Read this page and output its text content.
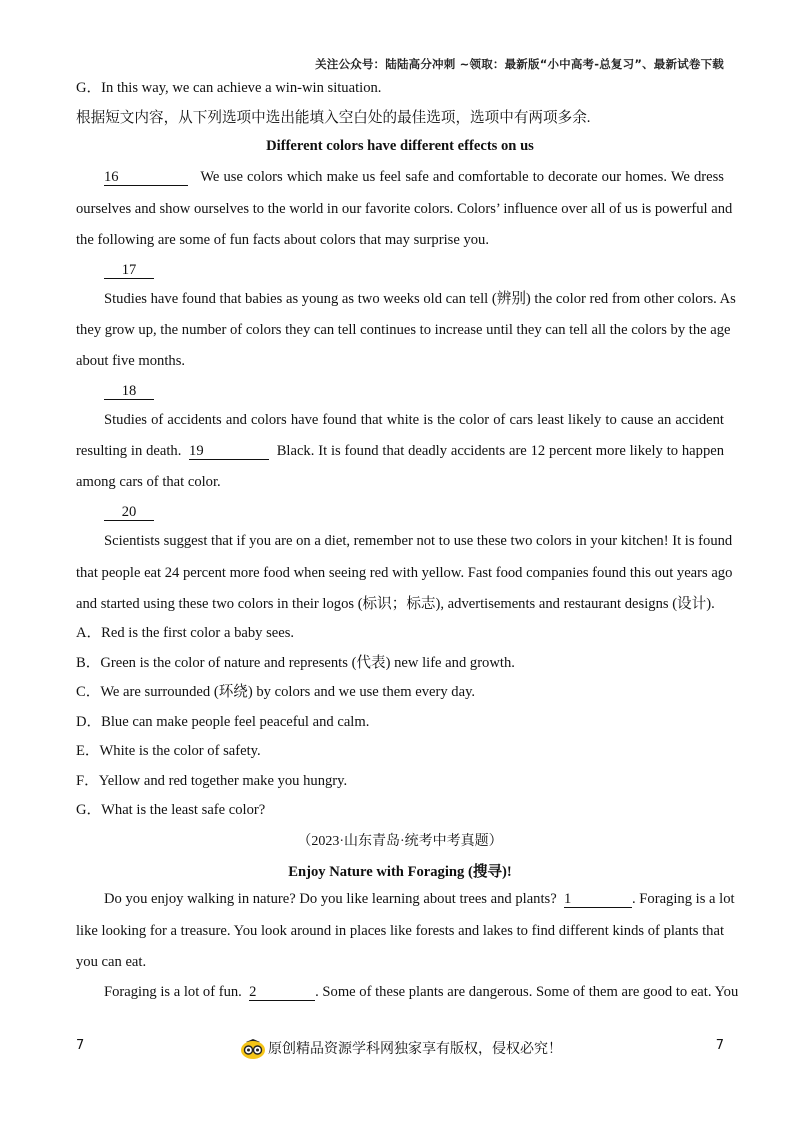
关注公众号：陆陆高分冲刺 ~领取：最新版“小中高考-总复习”、最新试卷下载
G．In this way, we can achieve a win-win situation.
根据短文内容，从下列选项中选出能填入空白处的最佳选项，选项中有两项多余.
Different colors have different effects on us
16	We use colors which make us feel safe and comfortable to decorate our homes. We dress
ourselves and show ourselves to the world in our favorite colors. Colors’ influence over all of us is powerful and
the following are some of fun facts about colors that may surprise you.
17
Studies have found that babies as young as two weeks old can tell (辨别) the color red from other colors. As
they grow up, the number of colors they can tell continues to increase until they can tell all the colors by the age
about five months.
18
Studies of accidents and colors have found that white is the color of cars least likely to cause an accident
resulting in death. 19	Black. It is found that deadly accidents are 12 percent more likely to happen
among cars of that color.
20
Scientists suggest that if you are on a diet, remember not to use these two colors in your kitchen! It is found
that people eat 24 percent more food when seeing red with yellow. Fast food companies found this out years ago
and started using these two colors in their logos (标识；标志), advertisements and restaurant designs (设计).
A．Red is the first color a baby sees.
B．Green is the color of nature and represents (代表) new life and growth.
C．We are surrounded (环绕) by colors and we use them every day.
D．Blue can make people feel peaceful and calm.
E．White is the color of safety.
F．Yellow and red together make you hungry.
G．What is the least safe color?
（2023·山东青岛·统考中考真题）
Enjoy Nature with Foraging (搜寻)!
Do you enjoy walking in nature? Do you like learning about trees and plants? 1	. Foraging is a lot
like looking for a treasure. You look around in places like forests and lakes to find different kinds of plants that
you can eat.
Foraging is a lot of fun. 2	. Some of these plants are dangerous. Some of them are good to eat. You
7	原创精品资源学科网独家享有版权，侵权必究！	7
